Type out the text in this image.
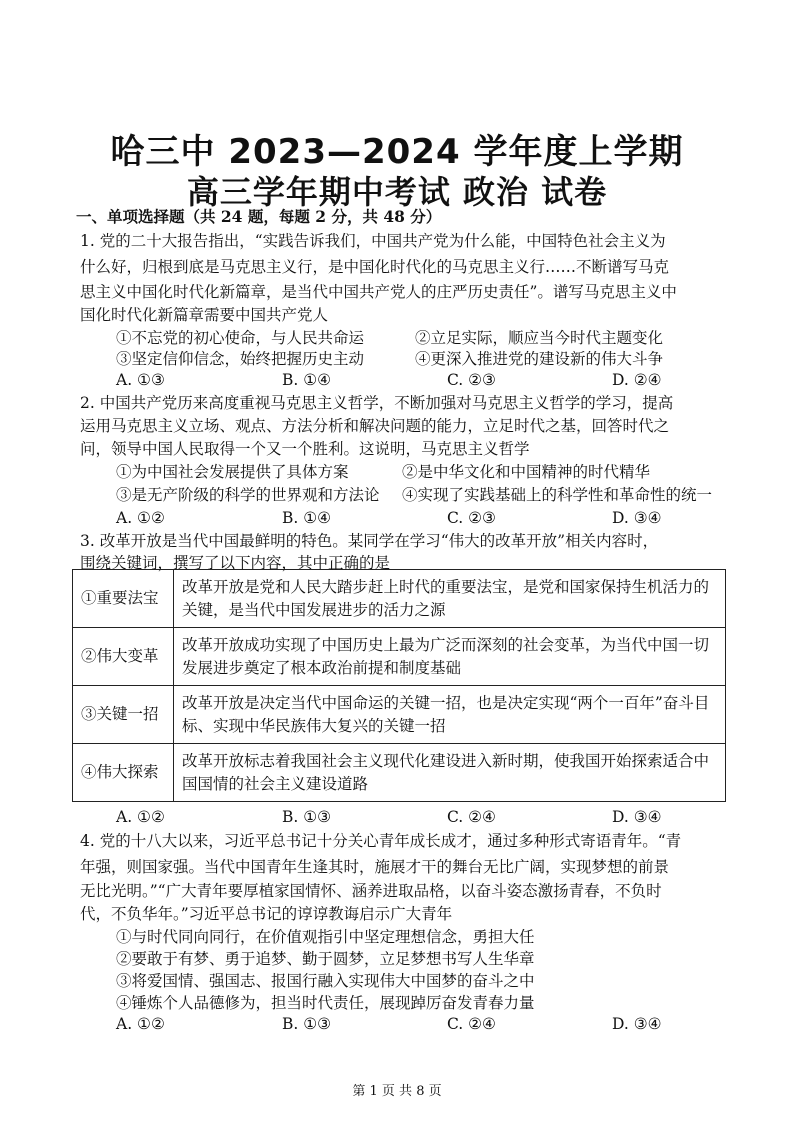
哈三中 2023—2024 学年度上学期
高三学年期中考试 政治 试卷
一、单项选择题（共 24 题，每题 2 分，共 48 分）
1. 党的二十大报告指出，“实践告诉我们，中国共产党为什么能，中国特色社会主义为
什么好，归根到底是马克思主义行，是中国化时代化的马克思主义行……不断谱写马克
思主义中国化时代化新篇章，是当代中国共产党人的庄严历史责任”。谱写马克思主义中
国化时代化新篇章需要中国共产党人
①不忘党的初心使命，与人民共命运	②立足实际，顺应当今时代主题变化
③坚定信仰信念，始终把握历史主动	④更深入推进党的建设新的伟大斗争
A. ①③	B. ①④	C. ②③	D. ②④
2. 中国共产党历来高度重视马克思主义哲学，不断加强对马克思主义哲学的学习，提高
运用马克思主义立场、观点、方法分析和解决问题的能力，立足时代之基，回答时代之
问，领导中国人民取得一个又一个胜利。这说明，马克思主义哲学
①为中国社会发展提供了具体方案	②是中华文化和中国精神的时代精华
③是无产阶级的科学的世界观和方法论 ④实现了实践基础上的科学性和革命性的统一
A. ①②	B. ①④	C. ②③	D. ③④
3. 改革开放是当代中国最鲜明的特色。某同学在学习“伟大的改革开放”相关内容时，
围绕关键词，撰写了以下内容，其中正确的是
①重要法宝	改革开放是党和人民大踏步赶上时代的重要法宝，是党和国家保持生机活力的关键，是当代中国发展进步的活力之源
②伟大变革	改革开放成功实现了中国历史上最为广泛而深刻的社会变革，为当代中国一切发展进步奠定了根本政治前提和制度基础
③关键一招	改革开放是决定当代中国命运的关键一招，也是决定实现“两个一百年”奋斗目标、实现中华民族伟大复兴的关键一招
④伟大探索	改革开放标志着我国社会主义现代化建设进入新时期，使我国开始探索适合中国国情的社会主义建设道路
A. ①②	B. ①③	C. ②④	D. ③④
4. 党的十八大以来，习近平总书记十分关心青年成长成才，通过多种形式寄语青年。“青
年强，则国家强。当代中国青年生逢其时，施展才干的舞台无比广阔，实现梦想的前景
无比光明。”“广大青年要厚植家国情怀、涵养进取品格，以奋斗姿态激扬青春，不负时
代，不负华年。”习近平总书记的谆谆教诲启示广大青年
①与时代同向同行，在价值观指引中坚定理想信念，勇担大任
②要敢于有梦、勇于追梦、勤于圆梦，立足梦想书写人生华章
③将爱国情、强国志、报国行融入实现伟大中国梦的奋斗之中
④锤炼个人品德修为，担当时代责任，展现踔厉奋发青春力量
A. ①②	B. ①③	C. ②④	D. ③④
第 1 页 共 8 页
